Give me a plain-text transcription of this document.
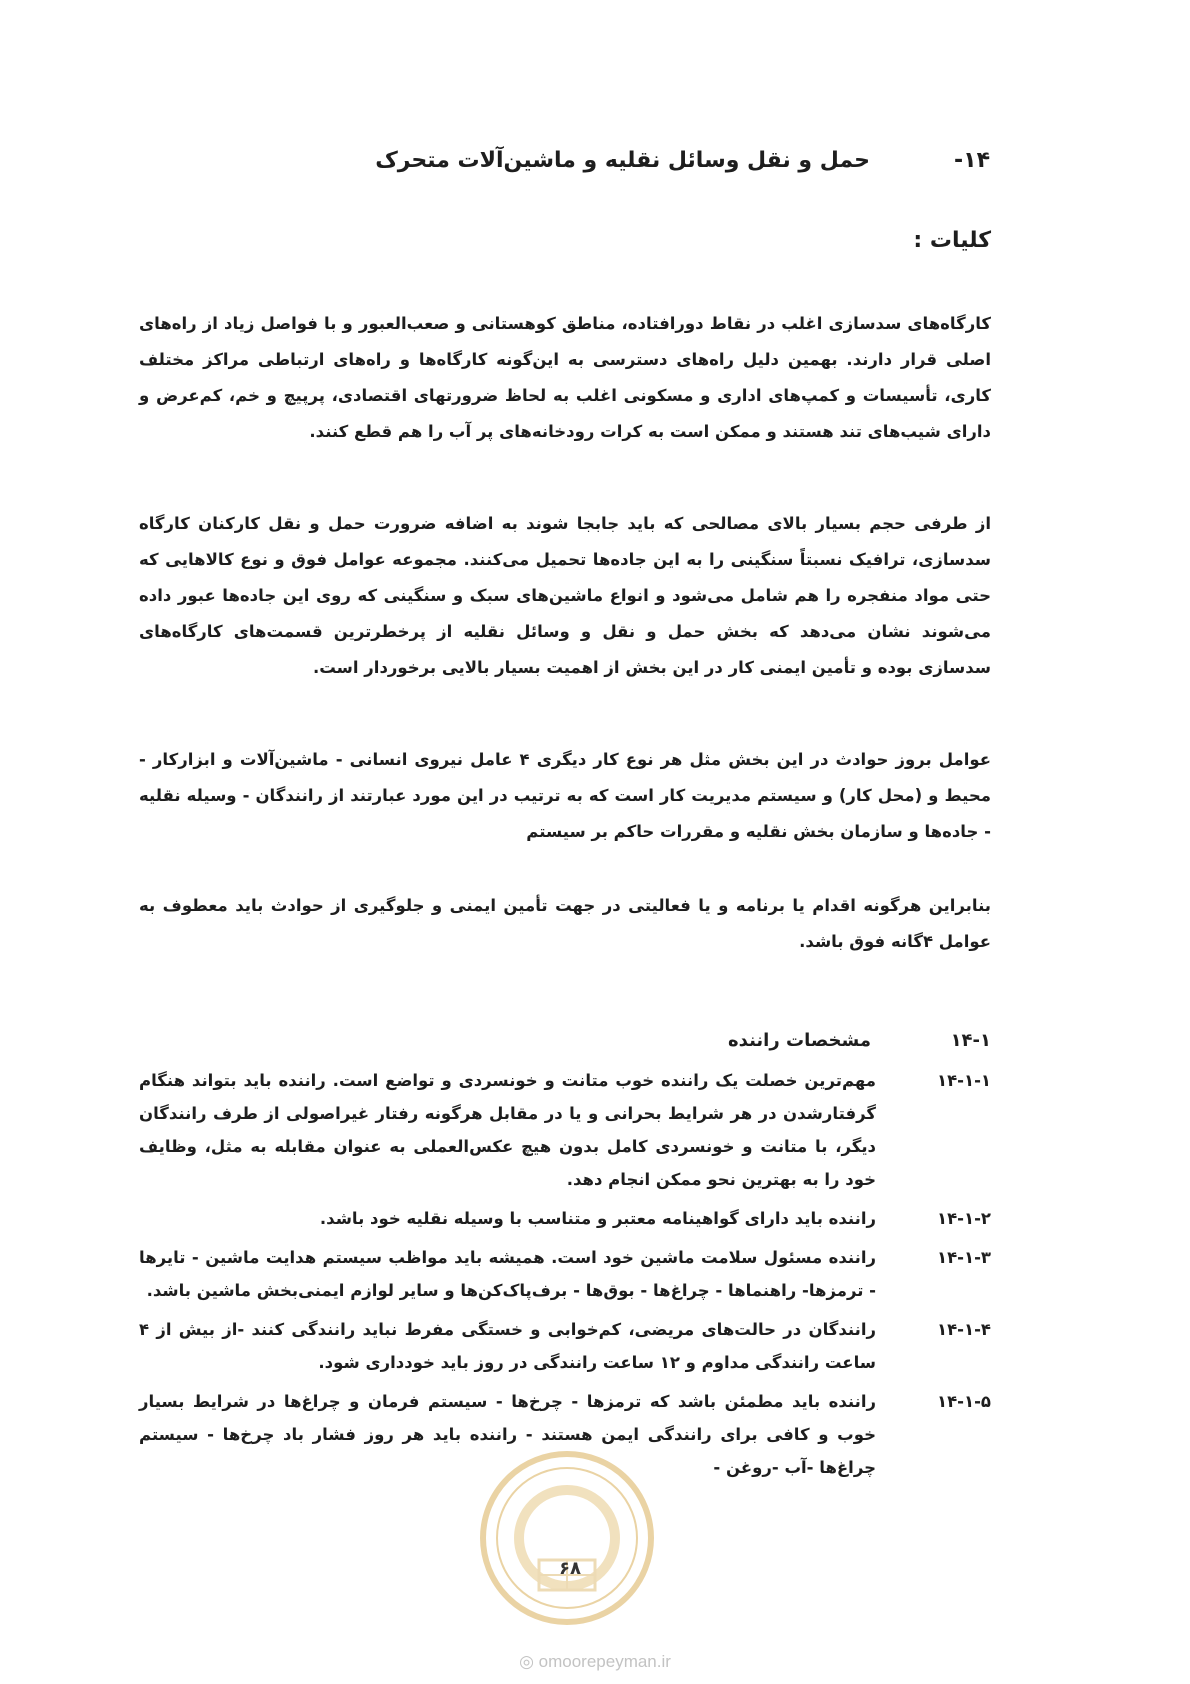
۱۴-
حمل و نقل وسائل نقلیه و ماشین‌آلات متحرک
کلیات :

کارگاه‌های سدسازی اغلب در نقاط دورافتاده، مناطق کوهستانی و صعب‌العبور و با فواصل زیاد از راه‌های اصلی قرار دارند. بهمین دلیل راه‌های دسترسی به این‌گونه کارگاه‌ها و راه‌های ارتباطی مراکز مختلف کاری، تأسیسات و کمپ‌های اداری و مسکونی اغلب به لحاظ ضرورتهای اقتصادی، پرپیچ و خم، کم‌عرض و دارای شیب‌های تند هستند و ممکن است به کرات رودخانه‌های پر آب را هم قطع کنند.

از طرفی حجم بسیار بالای مصالحی که باید جابجا شوند به اضافه ضرورت حمل و نقل کارکنان کارگاه سدسازی، ترافیک نسبتاً سنگینی را به این جاده‌ها تحمیل می‌کنند. مجموعه عوامل فوق و نوع کالاهایی که حتی مواد منفجره را هم شامل می‌شود و انواع ماشین‌های سبک و سنگینی که روی این جاده‌ها عبور داده می‌شوند نشان می‌دهد که بخش حمل و نقل و وسائل نقلیه از پرخطرترین قسمت‌های کارگاه‌های سدسازی بوده و تأمین ایمنی کار در این بخش از اهمیت بسیار بالایی برخوردار است.

عوامل بروز حوادث در این بخش مثل هر نوع کار دیگری ۴ عامل نیروی انسانی - ماشین‌آلات و ابزارکار - محیط و (محل کار) و سیستم مدیریت کار است که به ترتیب در این مورد عبارتند از رانندگان - وسیله نقلیه - جاده‌ها و سازمان بخش نقلیه و مقررات حاکم بر سیستم

بنابراین هرگونه اقدام یا برنامه و یا فعالیتی در جهت تأمین ایمنی و جلوگیری از حوادث باید معطوف به عوامل ۴گانه فوق باشد.

۱۴-۱
مشخصات راننده
۱۴-۱-۱
مهم‌ترین خصلت یک راننده خوب متانت و خونسردی و تواضع است. راننده باید بتواند هنگام گرفتارشدن در هر شرایط بحرانی و یا در مقابل هرگونه رفتار غیراصولی از طرف رانندگان دیگر، با متانت و خونسردی کامل بدون هیچ عکس‌العملی به عنوان مقابله به مثل، وظایف خود را به بهترین نحو ممکن انجام دهد.
۱۴-۱-۲
راننده باید دارای گواهینامه معتبر و متناسب با وسیله نقلیه خود باشد.
۱۴-۱-۳
راننده مسئول سلامت ماشین خود است. همیشه باید مواظب سیستم هدایت ماشین - تایرها - ترمزها- راهنماها - چراغ‌ها - بوق‌ها - برف‌پاک‌کن‌ها و سایر لوازم ایمنی‌بخش ماشین باشد.
۱۴-۱-۴
رانندگان در حالت‌های مریضی، کم‌خوابی و خستگی مفرط نباید رانندگی کنند -از بیش از ۴ ساعت رانندگی مداوم و ۱۲ ساعت رانندگی در روز باید خودداری شود.
۱۴-۱-۵
راننده باید مطمئن باشد که ترمزها - چرخ‌ها - سیستم فرمان و چراغ‌ها در شرایط بسیار خوب و کافی برای رانندگی ایمن هستند - راننده باید هر روز فشار باد چرخ‌ها - سیستم چراغ‌ها -آب -روغن -
۶۸
◎ omoorepeyman.ir
